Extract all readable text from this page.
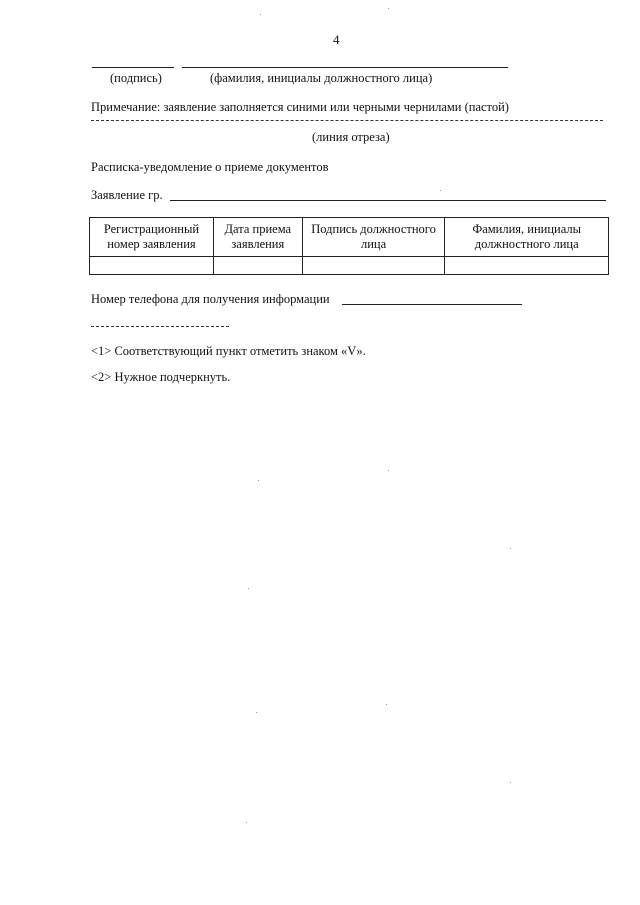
4
(подпись)	(фамилия, инициалы должностного лица)
Примечание: заявление заполняется синими или черными чернилами (пастой)
(линия отреза)
Расписка-уведомление о приеме документов
Заявление гр.
Регистрационный номер заявления	Дата приема заявления	Подпись должностного лица	Фамилия, инициалы должностного лица

Номер телефона для получения информации
<1> Соответствующий пункт отметить знаком «V».
<2> Нужное подчеркнуть.
